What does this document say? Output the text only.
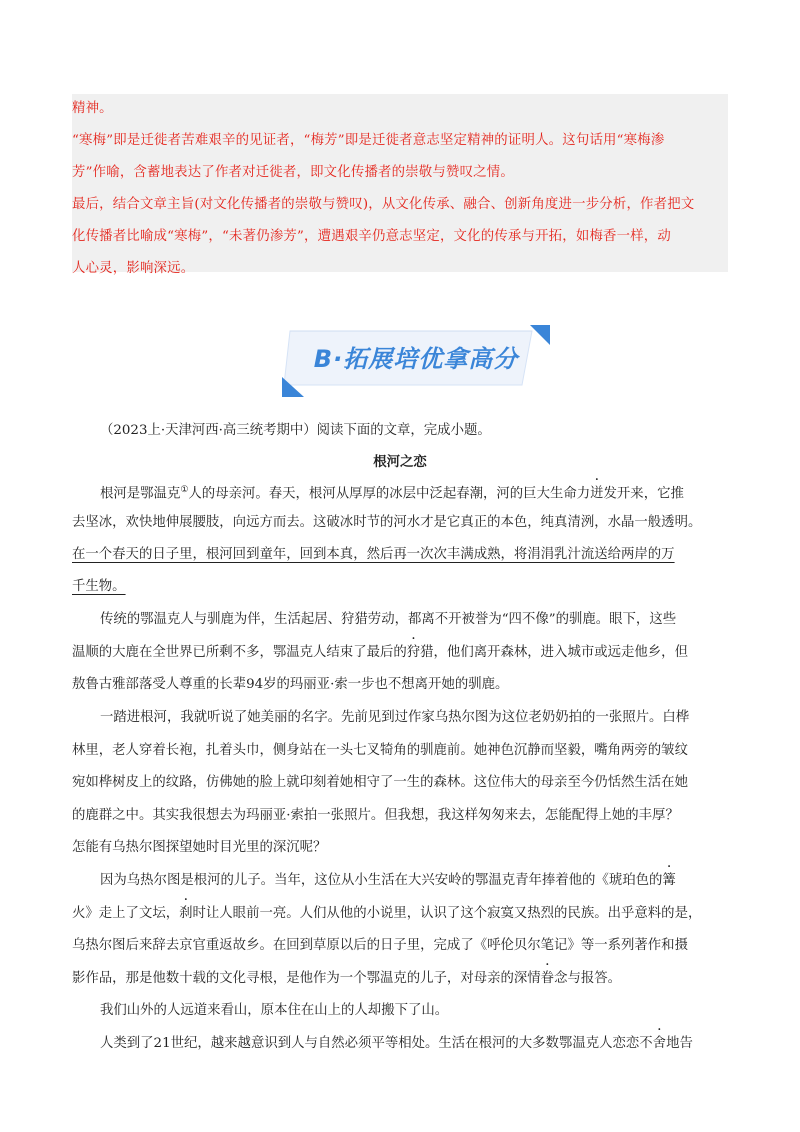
精神。
“寒梅”即是迁徙者苦难艰辛的见证者，“梅芳”即是迁徙者意志坚定精神的证明人。这句话用“寒梅渗
芳”作喻，含蓄地表达了作者对迁徙者，即文化传播者的崇敬与赞叹之情。
最后，结合文章主旨(对文化传播者的崇敬与赞叹)，从文化传承、融合、创新角度进一步分析，作者把文
化传播者比喻成“寒梅”，“未著仍渗芳”，遭遇艰辛仍意志坚定，文化的传承与开拓，如梅香一样，动
人心灵，影响深远。
B·拓展培优拿高分
（2023上·天津河西·高三统考期中）阅读下面的文章，完成小题。
根河之恋
根河是鄂温克①人的母亲河。春天，根河从厚厚的冰层中泛起春潮，河的巨大生命力迸发开来，它推
去坚冰，欢快地伸展腰肢，向远方而去。这破冰时节的河水才是它真正的本色，纯真清洌，水晶一般透明。
在一个春天的日子里，根河回到童年，回到本真，然后再一次次丰满成熟，将涓涓乳汁流送给两岸的万
千生物。
传统的鄂温克人与驯鹿为伴，生活起居、狩猎劳动，都离不开被誉为“四不像”的驯鹿。眼下，这些
温顺的大鹿在全世界已所剩不多，鄂温克人结束了最后的狩猎，他们离开森林，进入城市或远走他乡，但
敖鲁古雅部落受人尊重的长辈94岁的玛丽亚·索一步也不想离开她的驯鹿。
一踏进根河，我就听说了她美丽的名字。先前见到过作家乌热尔图为这位老奶奶拍的一张照片。白桦
林里，老人穿着长袍，扎着头巾，侧身站在一头七叉犄角的驯鹿前。她神色沉静而坚毅，嘴角两旁的皱纹
宛如桦树皮上的纹路，仿佛她的脸上就印刻着她相守了一生的森林。这位伟大的母亲至今仍恬然生活在她
的鹿群之中。其实我很想去为玛丽亚·索拍一张照片。但我想，我这样匆匆来去，怎能配得上她的丰厚？
怎能有乌热尔图探望她时目光里的深沉呢？
因为乌热尔图是根河的儿子。当年，这位从小生活在大兴安岭的鄂温克青年捧着他的《琥珀色的篝
火》走上了文坛，刹时让人眼前一亮。人们从他的小说里，认识了这个寂寞又热烈的民族。出乎意料的是，
乌热尔图后来辞去京官重返故乡。在回到草原以后的日子里，完成了《呼伦贝尔笔记》等一系列著作和摄
影作品，那是他数十载的文化寻根，是他作为一个鄂温克的儿子，对母亲的深情眷念与报答。
我们山外的人远道来看山，原本住在山上的人却搬下了山。
人类到了21世纪，越来越意识到人与自然必须平等相处。生活在根河的大多数鄂温克人恋恋不舍地告
